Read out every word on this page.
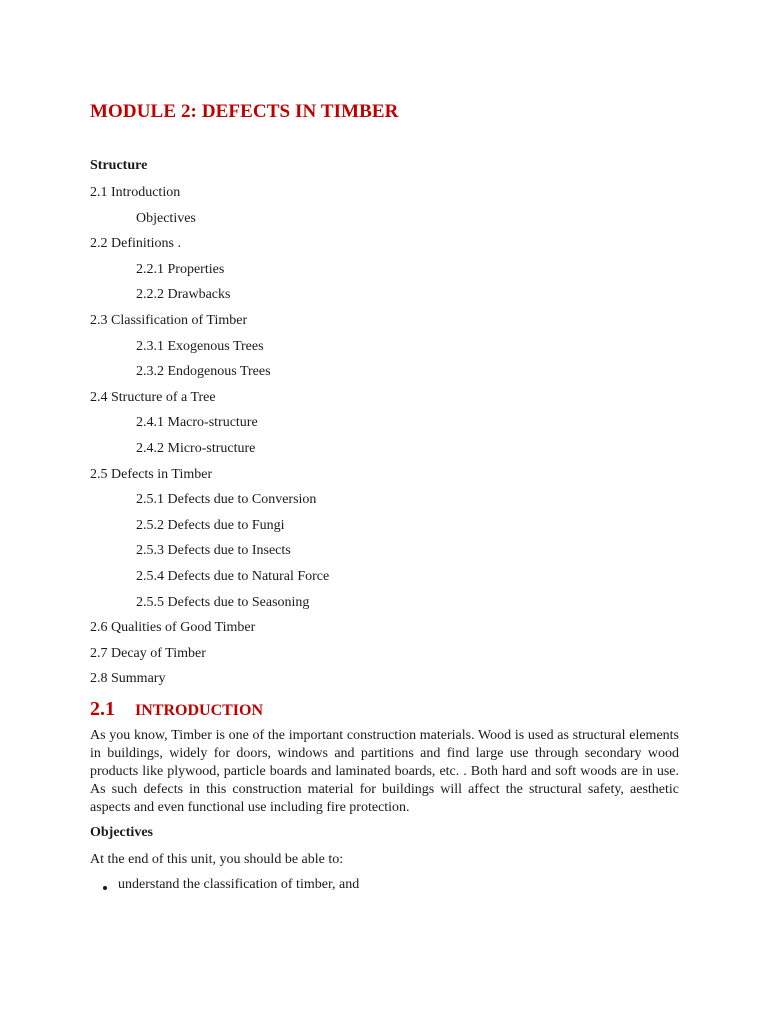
MODULE 2: DEFECTS IN TIMBER
Structure
2.1 Introduction
Objectives
2.2 Definitions .
2.2.1 Properties
2.2.2 Drawbacks
2.3 Classification of Timber
2.3.1 Exogenous Trees
2.3.2 Endogenous Trees
2.4 Structure of a Tree
2.4.1 Macro-structure
2.4.2 Micro-structure
2.5 Defects in Timber
2.5.1 Defects due to Conversion
2.5.2 Defects due to Fungi
2.5.3 Defects due to Insects
2.5.4 Defects due to Natural Force
2.5.5 Defects due to Seasoning
2.6 Qualities of Good Timber
2.7 Decay of Timber
2.8 Summary
2.1 INTRODUCTION

As you know, Timber is one of the important construction materials. Wood is used as structural elements in buildings, widely for doors, windows and partitions and find large use through secondary wood products like plywood, particle boards and laminated boards, etc. . Both hard and soft woods are in use. As such defects in this construction material for buildings will affect the structural safety, aesthetic aspects and even functional use including fire protection.

Objectives

At the end of this unit, you should be able to:

understand the classification of timber, and
